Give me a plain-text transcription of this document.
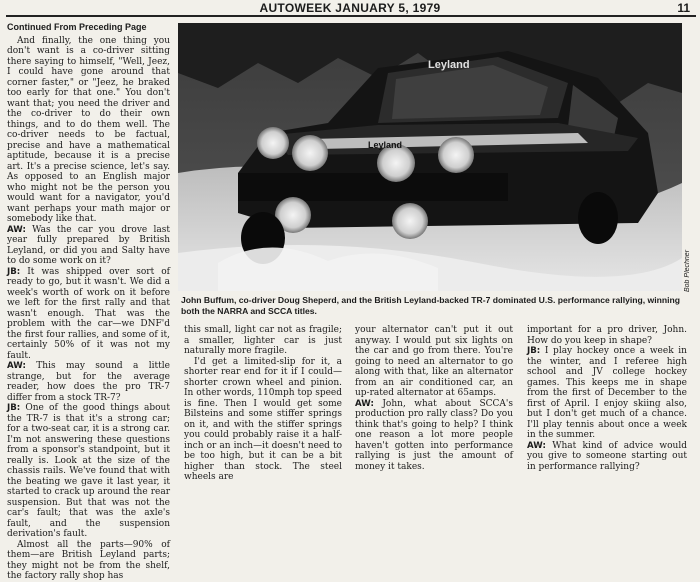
AUTOWEEK JANUARY 5, 1979	11
Continued From Preceding Page

And finally, the one thing you don't want is a co-driver sitting there saying to himself, "Well, Jeez, I could have gone around that corner faster," or "Jeez, he braked too early for that one." You don't want that; you need the driver and the co-driver to do their own things, and to do them well. The co-driver needs to be factual, precise and have a mathematical aptitude, because it is a precise art. It's a precise science, let's say. As opposed to an English major who might not be the person you would want for a navigator, you'd want perhaps your math major or somebody like that.

AW: Was the car you drove last year fully prepared by British Leyland, or did you and Salty have to do some work on it?

JB: It was shipped over sort of ready to go, but it wasn't. We did a week's worth of work on it before we left for the first rally and that wasn't enough. That was the problem with the car—we DNF'd the first four rallies, and some of it, certainly 50% of it was not my fault.

AW: This may sound a little strange, but for the average reader, how does the pro TR-7 differ from a stock TR-7?

JB: One of the good things about the TR-7 is that it's a strong car; for a two-seat car, it is a strong car. I'm not answering these questions from a sponsor's standpoint, but it really is. Look at the size of the chassis rails. We've found that with the beating we gave it last year, it started to crack up around the rear suspension. But that was not the car's fault; that was the axle's fault, and the suspension derivation's fault.

Almost all the parts—90% of them—are British Leyland parts; they might not be from the shelf, the factory rally shop has

Leyland
Leyland
Bob Plechner
John Buffum, co-driver Doug Sheperd, and the British Leyland-backed TR-7 dominated U.S. performance rallying, winning both the NARRA and SCCA titles.

this small, light car not as fragile; a smaller, lighter car is just naturally more fragile.

I'd get a limited-slip for it, a shorter rear end for it if I could—shorter crown wheel and pinion. In other words, 110mph top speed is fine. Then I would get some Bilsteins and some stiffer springs on it, and with the stiffer springs you could probably raise it a half-inch or an inch—it doesn't need to be too high, but it can be a bit higher than stock. The steel wheels are

your alternator can't put it out anyway. I would put six lights on the car and go from there. You're going to need an alternator to go along with that, like an alternator from an air conditioned car, an up-rated alternator at 65amps.

AW: John, what about SCCA's production pro rally class? Do you think that's going to help? I think one reason a lot more people haven't gotten into performance rallying is just the amount of money it takes.

important for a pro driver, John. How do you keep in shape?

JB: I play hockey once a week in the winter, and I referee high school and JV college hockey games. This keeps me in shape from the first of December to the first of April. I enjoy skiing also, but I don't get much of a chance. I'll play tennis about once a week in the summer.

AW: What kind of advice would you give to someone starting out in performance rallying?
